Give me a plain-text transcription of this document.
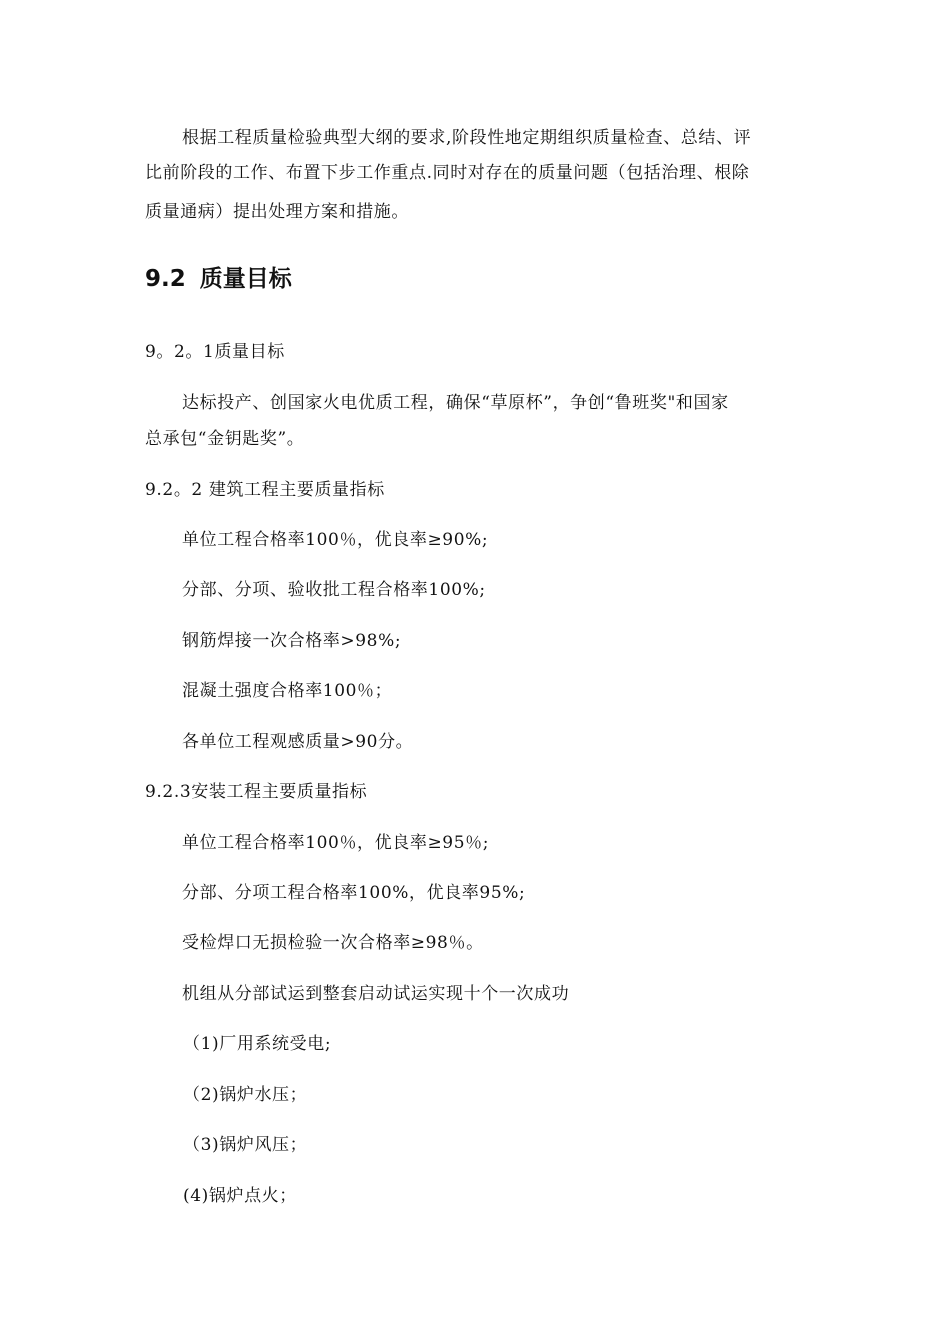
根据工程质量检验典型大纲的要求,阶段性地定期组织质量检查、总结、评
比前阶段的工作、布置下步工作重点.同时对存在的质量问题（包括治理、根除
质量通病）提出处理方案和措施。
9.2 质量目标
9。2。1质量目标
达标投产、创国家火电优质工程，确保“草原杯”，争创“鲁班奖"和国家
总承包“金钥匙奖”。
9.2。2 建筑工程主要质量指标
单位工程合格率100％，优良率≥90%;
分部、分项、验收批工程合格率100%;
钢筋焊接一次合格率>98%;
混凝土强度合格率100％；
各单位工程观感质量>90分。
9.2.3安装工程主要质量指标
单位工程合格率100％，优良率≥95％;
分部、分项工程合格率100%，优良率95%;
受检焊口无损检验一次合格率≥98％。
机组从分部试运到整套启动试运实现十个一次成功
（1)厂用系统受电;
（2)锅炉水压；
（3)锅炉风压；
(4)锅炉点火；
